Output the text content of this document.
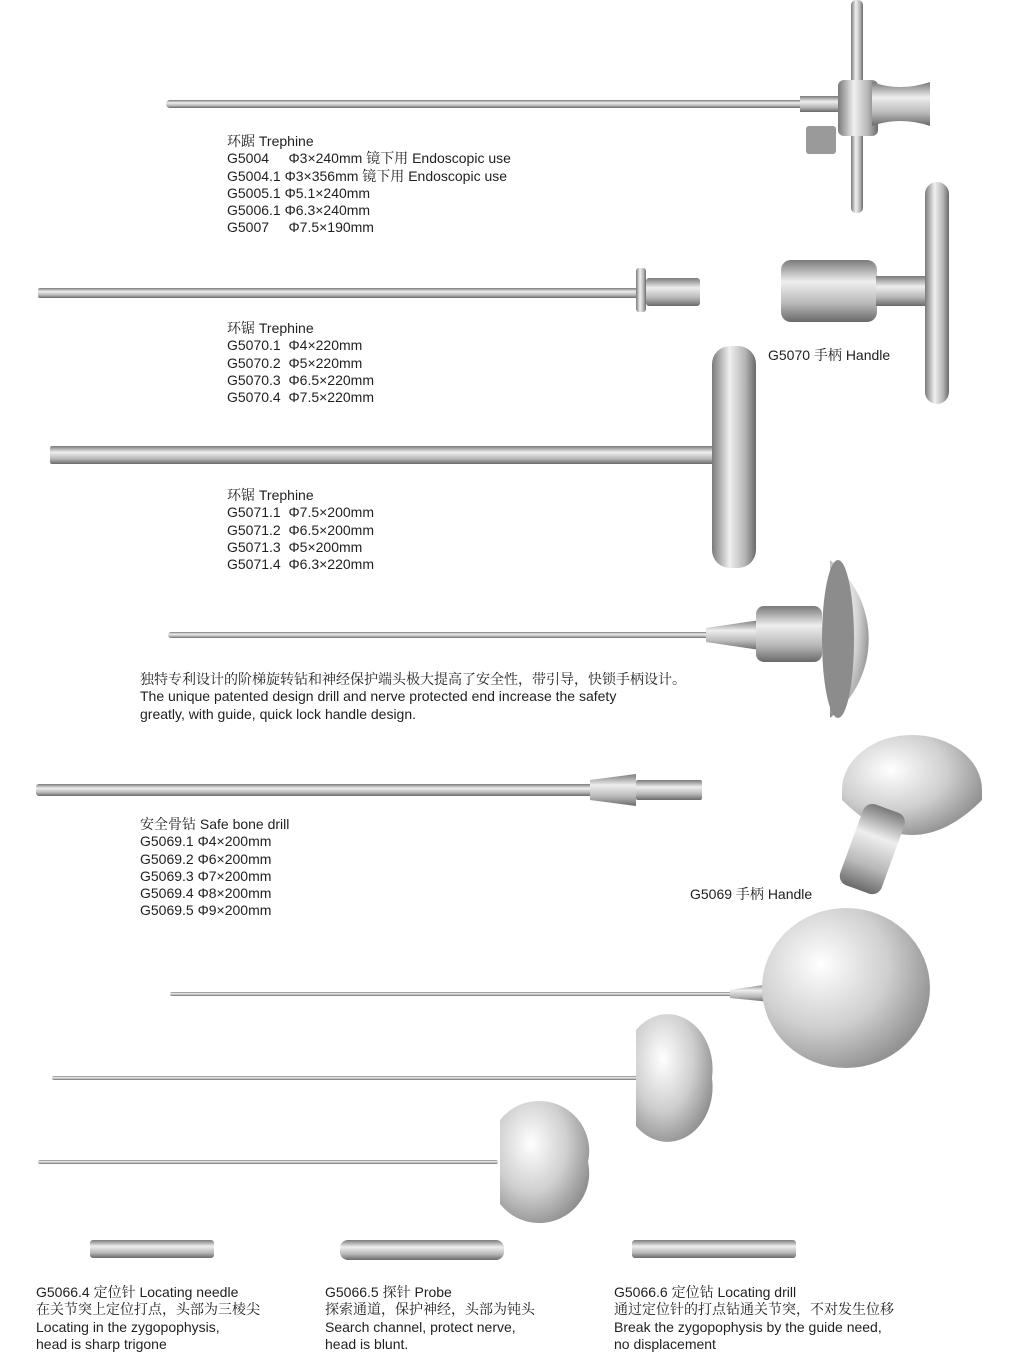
环踞 Trephine
G5004     Φ3×240mm 镜下用 Endoscopic use
G5004.1 Φ3×356mm 镜下用 Endoscopic use
G5005.1 Φ5.1×240mm
G5006.1 Φ6.3×240mm
G5007     Φ7.5×190mm
环锯 Trephine
G5070.1  Φ4×220mm
G5070.2  Φ5×220mm
G5070.3  Φ6.5×220mm
G5070.4  Φ7.5×220mm
G5070 手柄 Handle
环锯 Trephine
G5071.1  Φ7.5×200mm
G5071.2  Φ6.5×200mm
G5071.3  Φ5×200mm
G5071.4  Φ6.3×220mm
独特专利设计的阶梯旋转钻和神经保护端头极大提高了安全性，带引导，快锁手柄设计。
The unique patented design drill and nerve protected end increase the safety
greatly, with guide, quick lock handle design.
安全骨钻 Safe bone drill
G5069.1 Φ4×200mm
G5069.2 Φ6×200mm
G5069.3 Φ7×200mm
G5069.4 Φ8×200mm
G5069.5 Φ9×200mm
G5069 手柄 Handle
G5066.4 定位针 Locating needle
在关节突上定位打点，头部为三棱尖
Locating in the zygopophysis,
head is sharp trigone
G5066.5 探针 Probe
探索通道，保护神经，头部为钝头
Search channel, protect nerve,
head is blunt.
G5066.6 定位钻 Locating drill
通过定位针的打点钻通关节突，不对发生位移
Break the zygopophysis by the guide need,
no displacement
